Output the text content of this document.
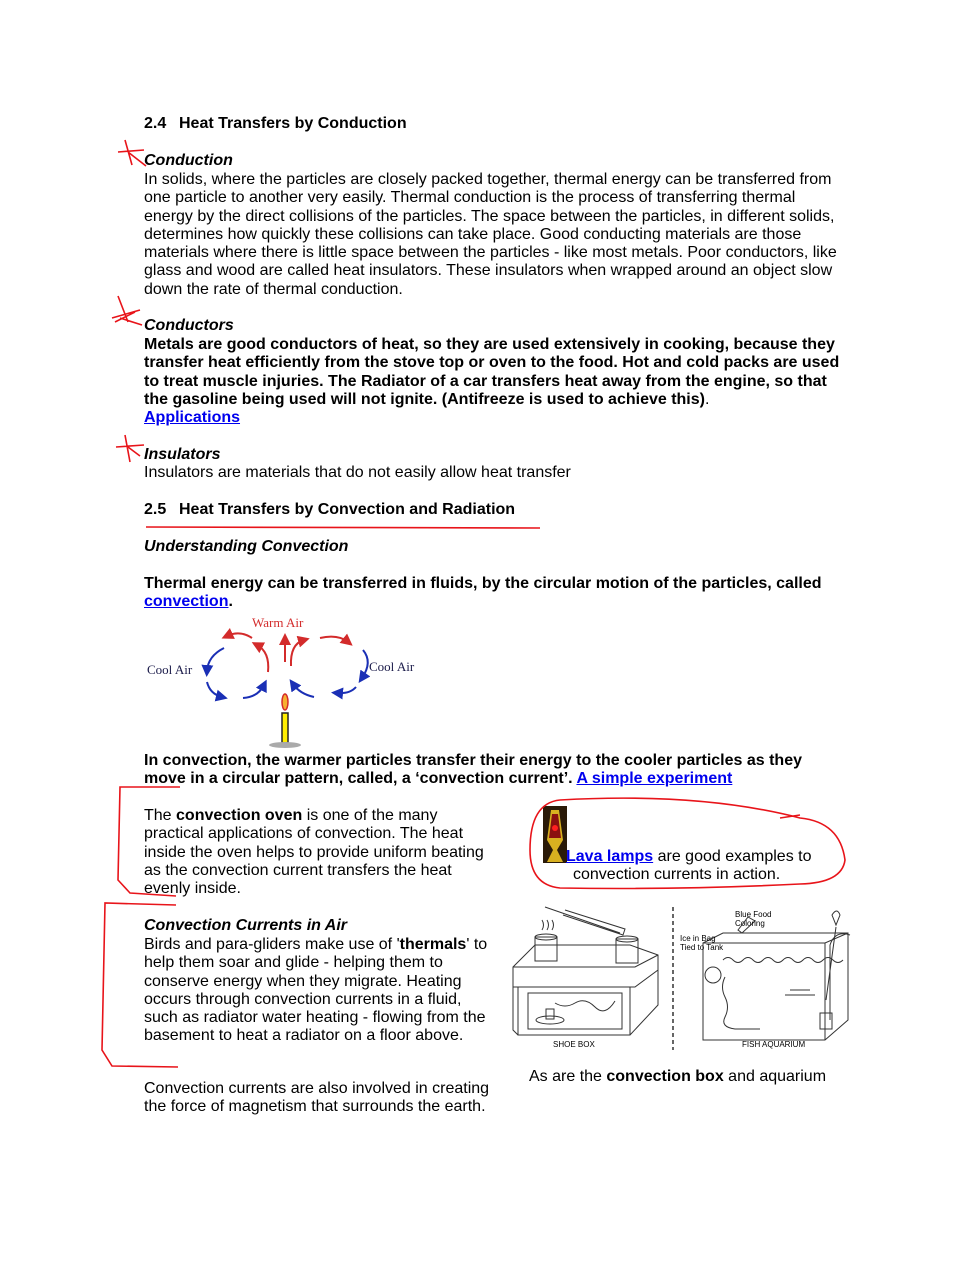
2.4 Heat Transfers by Conduction
Conduction
In solids, where the particles are closely packed together, thermal energy can be transferred from one particle to another very easily. Thermal conduction is the process of transferring thermal energy by the direct collisions of the particles. The space between the particles, in different solids, determines how quickly these collisions can take place. Good conducting materials are those materials where there is little space between the particles - like most metals. Poor conductors, like glass and wood are called heat insulators. These insulators when wrapped around an object slow down the rate of thermal conduction.
Conductors
Metals are good conductors of heat, so they are used extensively in cooking, because they transfer heat efficiently from the stove top or oven to the food. Hot and cold packs are used to treat muscle injuries. The Radiator of a car transfers heat away from the engine, so that the gasoline being used will not ignite. (Antifreeze is used to achieve this).
Applications
Insulators
Insulators are materials that do not easily allow heat transfer
2.5 Heat Transfers by Convection and Radiation
Understanding Convection
Thermal energy can be transferred in fluids, by the circular motion of the particles, called convection.
Warm Air
Cool Air	Cool Air
In convection, the warmer particles transfer their energy to the cooler particles as they move in a circular pattern, called, a ‘convection current’. A simple experiment
The convection oven is one of the many practical applications of convection. The heat inside the oven helps to provide uniform beating as the convection current transfers the heat evenly inside.
Convection Currents in Air
Birds and para-gliders make use of 'thermals' to help them soar and glide - helping them to conserve energy when they migrate. Heating occurs through convection currents in a fluid, such as radiator water heating - flowing from the basement to heat a radiator on a floor above.
Convection currents are also involved in creating the force of magnetism that surrounds the earth.
Lava lamps are good examples to
convection currents in action.
SHOE BOX	FISH AQUARIUM
Blue Food
Coloring
Ice in Bag
Tied to Tank
As are the convection box and aquarium
